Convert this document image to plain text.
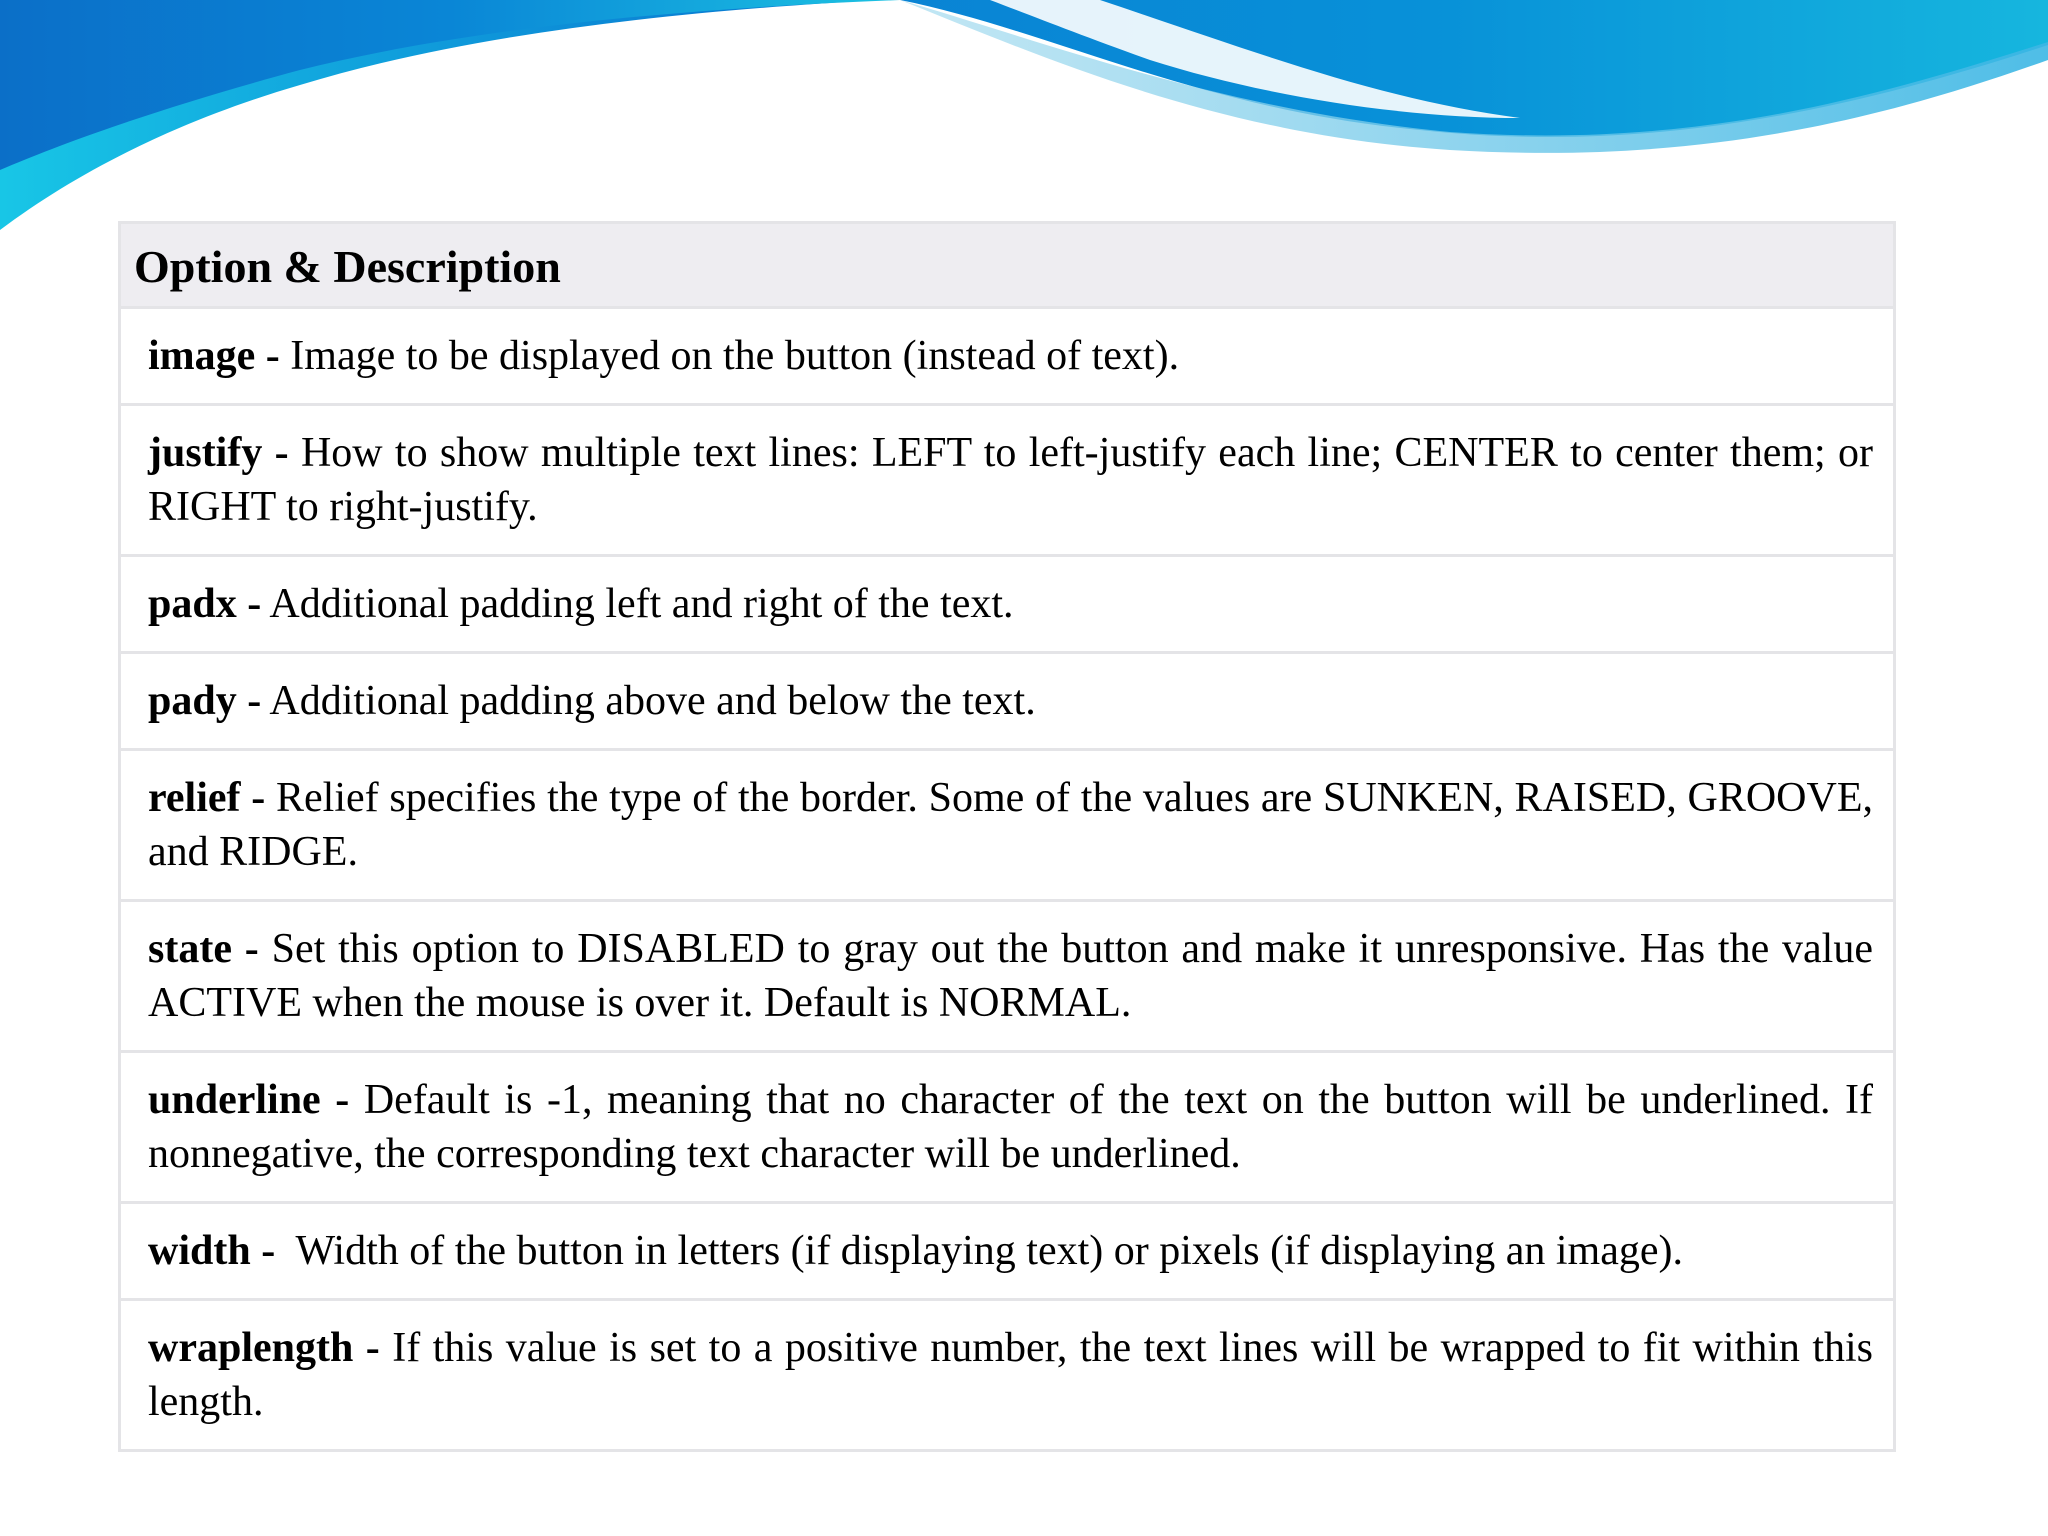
Option & Description
image - Image to be displayed on the button (instead of text).
justify - How to show multiple text lines: LEFT to left-justify each line; CENTER to center them; or RIGHT to right-justify.
padx - Additional padding left and right of the text.
pady - Additional padding above and below the text.
relief - Relief specifies the type of the border. Some of the values are SUNKEN, RAISED, GROOVE, and RIDGE.
state - Set this option to DISABLED to gray out the button and make it unresponsive. Has the value ACTIVE when the mouse is over it. Default is NORMAL.
underline - Default is -1, meaning that no character of the text on the button will be underlined. If nonnegative, the corresponding text character will be underlined.
width -  Width of the button in letters (if displaying text) or pixels (if displaying an image).
wraplength - If this value is set to a positive number, the text lines will be wrapped to fit within this length.
